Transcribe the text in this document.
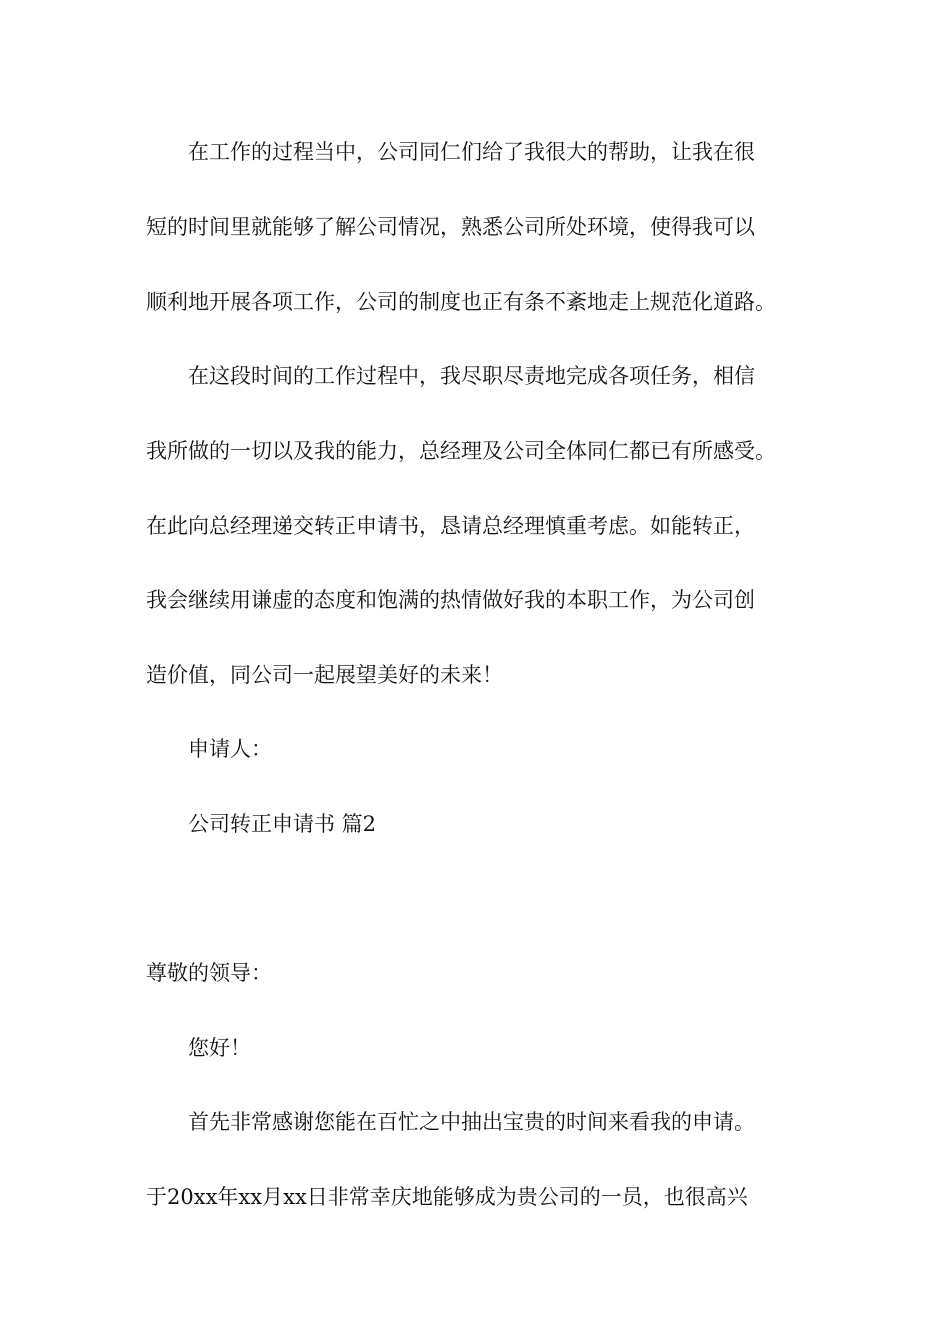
在工作的过程当中，公司同仁们给了我很大的帮助，让我在很
短的时间里就能够了解公司情况，熟悉公司所处环境，使得我可以
顺利地开展各项工作，公司的制度也正有条不紊地走上规范化道路。
在这段时间的工作过程中，我尽职尽责地完成各项任务，相信
我所做的一切以及我的能力，总经理及公司全体同仁都已有所感受。
在此向总经理递交转正申请书，恳请总经理慎重考虑。如能转正，
我会继续用谦虚的态度和饱满的热情做好我的本职工作，为公司创
造价值，同公司一起展望美好的未来！
申请人：
公司转正申请书 篇2
尊敬的领导：
您好！
首先非常感谢您能在百忙之中抽出宝贵的时间来看我的申请。
于20xx年xx月xx日非常幸庆地能够成为贵公司的一员，也很高兴
